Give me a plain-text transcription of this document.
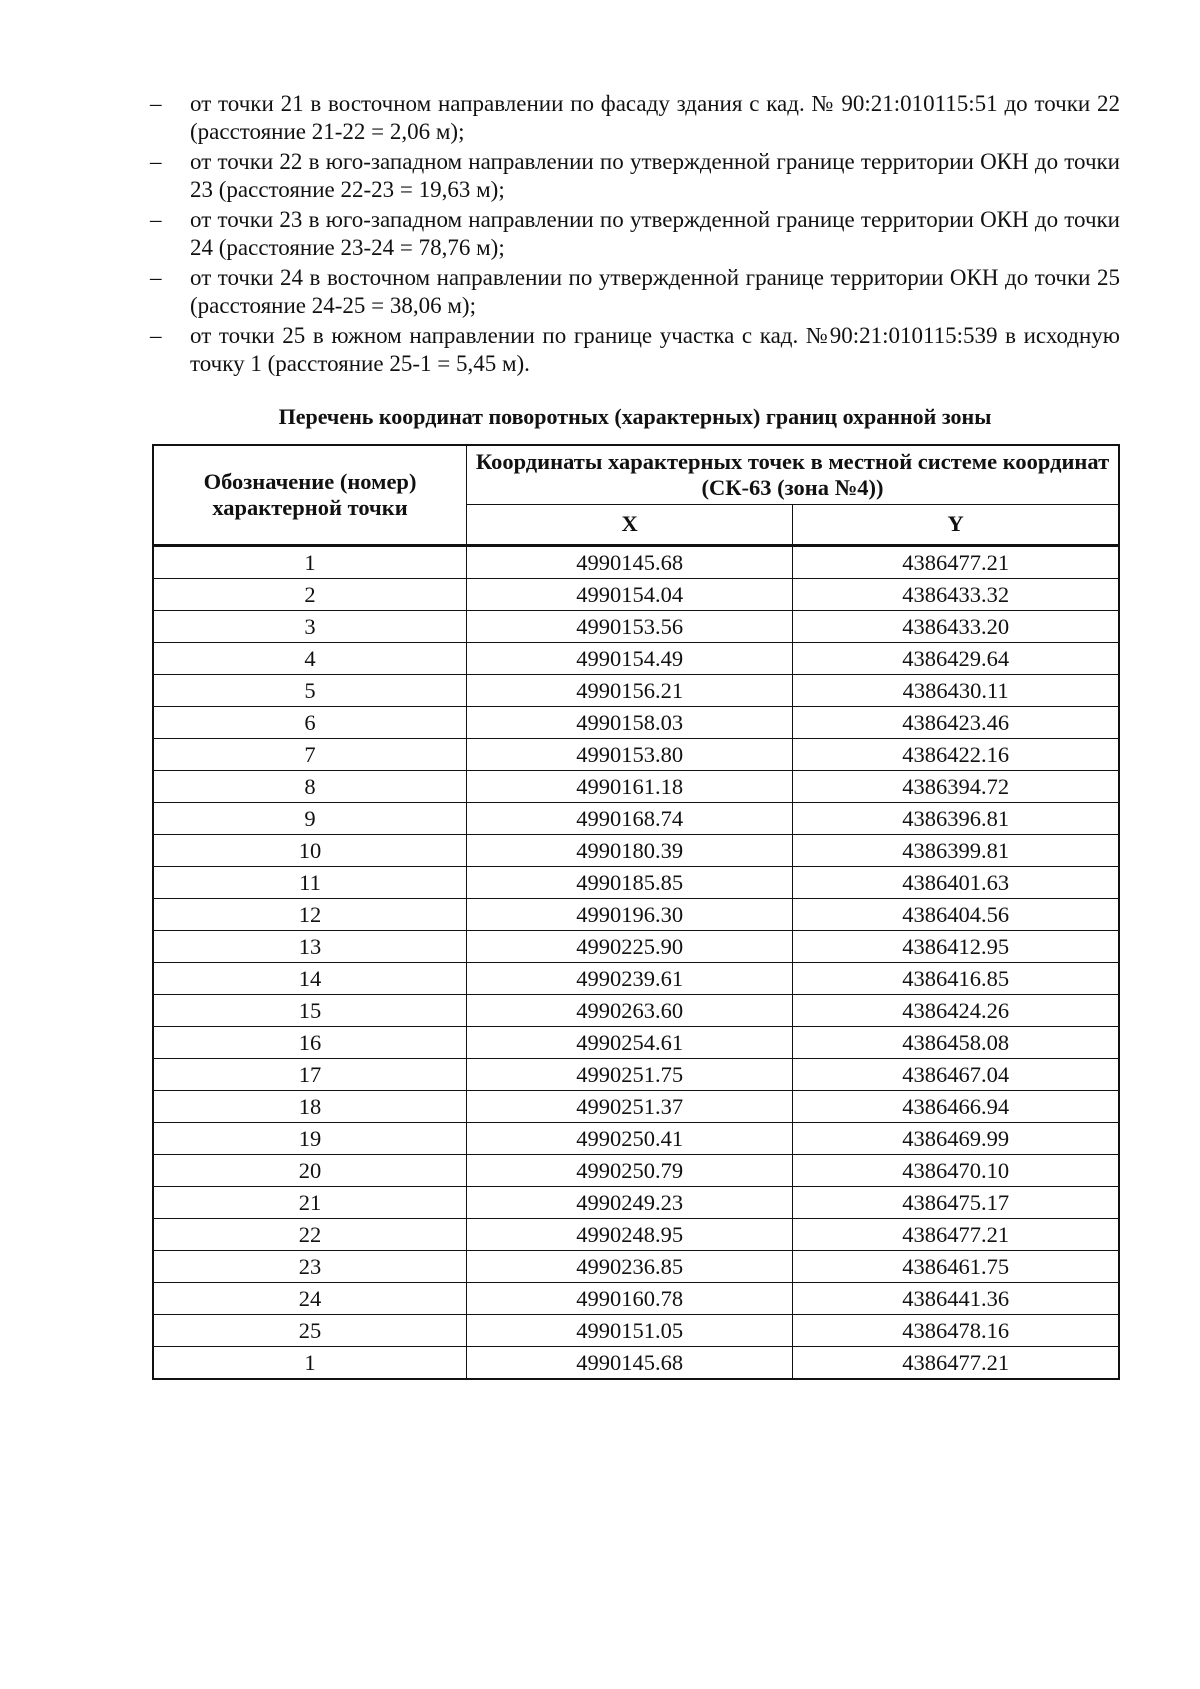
–	от точки 21 в восточном направлении по фасаду здания с кад. № 90:21:010115:51 до точки 22 (расстояние 21-22 = 2,06 м);
–	от точки 22 в юго-западном направлении по утвержденной границе территории ОКН до точки 23 (расстояние 22-23 = 19,63 м);
–	от точки 23 в юго-западном направлении по утвержденной границе территории ОКН до точки 24 (расстояние 23-24 = 78,76 м);
–	от точки 24 в восточном направлении по утвержденной границе территории ОКН до точки 25 (расстояние 24-25 = 38,06 м);
–	от точки 25 в южном направлении по границе участка с кад. №90:21:010115:539 в исходную точку 1 (расстояние 25-1 = 5,45 м).
Перечень координат поворотных (характерных) границ охранной зоны
Обозначение (номер) характерной точки	Координаты характерных точек в местной системе координат (СК-63 (зона №4))	
	X	Y
1	4990145.68	4386477.21
2	4990154.04	4386433.32
3	4990153.56	4386433.20
4	4990154.49	4386429.64
5	4990156.21	4386430.11
6	4990158.03	4386423.46
7	4990153.80	4386422.16
8	4990161.18	4386394.72
9	4990168.74	4386396.81
10	4990180.39	4386399.81
11	4990185.85	4386401.63
12	4990196.30	4386404.56
13	4990225.90	4386412.95
14	4990239.61	4386416.85
15	4990263.60	4386424.26
16	4990254.61	4386458.08
17	4990251.75	4386467.04
18	4990251.37	4386466.94
19	4990250.41	4386469.99
20	4990250.79	4386470.10
21	4990249.23	4386475.17
22	4990248.95	4386477.21
23	4990236.85	4386461.75
24	4990160.78	4386441.36
25	4990151.05	4386478.16
1	4990145.68	4386477.21
